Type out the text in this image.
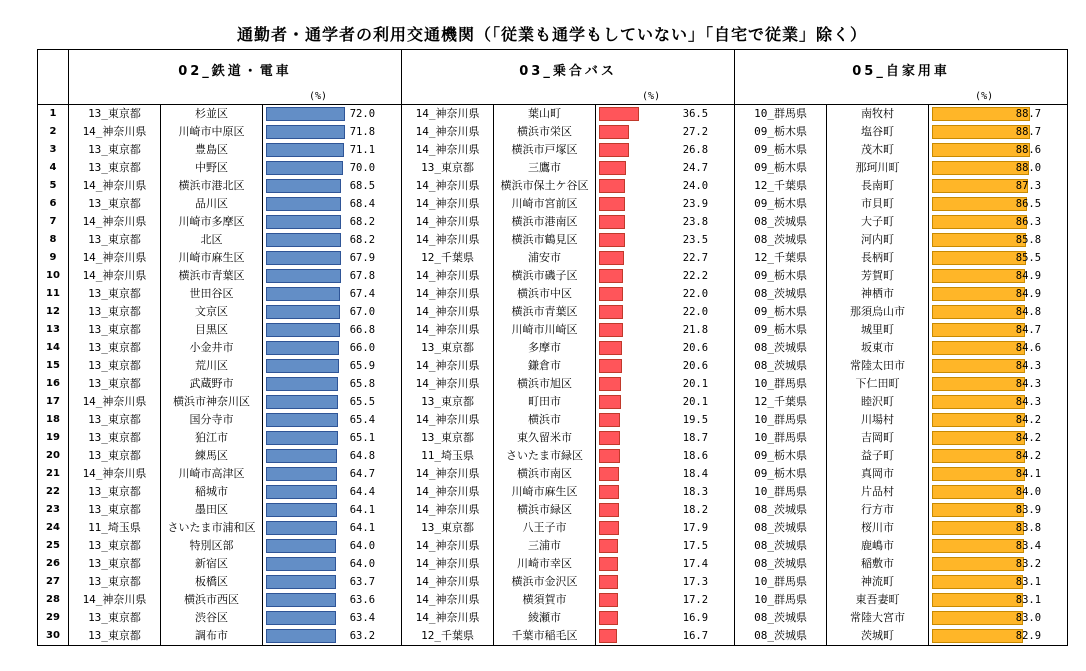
通勤者・通学者の利用交通機関（「従業も通学もしていない」「自宅で従業」除く）
	02_鉄道・電車			03_乗合バス			05_自家用車		
	(%)			(%)			(%)		
1	13_東京都	杉並区	72.0	14_神奈川県	葉山町	36.5	10_群馬県	南牧村	88.7

2	14_神奈川県	川崎市中原区	71.8	14_神奈川県	横浜市栄区	27.2	09_栃木県	塩谷町	88.7

3	13_東京都	豊島区	71.1	14_神奈川県	横浜市戸塚区	26.8	09_栃木県	茂木町	88.6

4	13_東京都	中野区	70.0	13_東京都	三鷹市	24.7	09_栃木県	那珂川町	88.0

5	14_神奈川県	横浜市港北区	68.5	14_神奈川県	横浜市保土ケ谷区	24.0	12_千葉県	長南町	87.3

6	13_東京都	品川区	68.4	14_神奈川県	川崎市宮前区	23.9	09_栃木県	市貝町	86.5

7	14_神奈川県	川崎市多摩区	68.2	14_神奈川県	横浜市港南区	23.8	08_茨城県	大子町	86.3

8	13_東京都	北区	68.2	14_神奈川県	横浜市鶴見区	23.5	08_茨城県	河内町	85.8

9	14_神奈川県	川崎市麻生区	67.9	12_千葉県	浦安市	22.7	12_千葉県	長柄町	85.5

10	14_神奈川県	横浜市青葉区	67.8	14_神奈川県	横浜市磯子区	22.2	09_栃木県	芳賀町	84.9

11	13_東京都	世田谷区	67.4	14_神奈川県	横浜市中区	22.0	08_茨城県	神栖市	84.9

12	13_東京都	文京区	67.0	14_神奈川県	横浜市青葉区	22.0	09_栃木県	那須烏山市	84.8

13	13_東京都	目黒区	66.8	14_神奈川県	川崎市川崎区	21.8	09_栃木県	城里町	84.7

14	13_東京都	小金井市	66.0	13_東京都	多摩市	20.6	08_茨城県	坂東市	84.6

15	13_東京都	荒川区	65.9	14_神奈川県	鎌倉市	20.6	08_茨城県	常陸太田市	84.3

16	13_東京都	武蔵野市	65.8	14_神奈川県	横浜市旭区	20.1	10_群馬県	下仁田町	84.3

17	14_神奈川県	横浜市神奈川区	65.5	13_東京都	町田市	20.1	12_千葉県	睦沢町	84.3

18	13_東京都	国分寺市	65.4	14_神奈川県	横浜市	19.5	10_群馬県	川場村	84.2

19	13_東京都	狛江市	65.1	13_東京都	東久留米市	18.7	10_群馬県	吉岡町	84.2

20	13_東京都	練馬区	64.8	11_埼玉県	さいたま市緑区	18.6	09_栃木県	益子町	84.2

21	14_神奈川県	川崎市高津区	64.7	14_神奈川県	横浜市南区	18.4	09_栃木県	真岡市	84.1

22	13_東京都	稲城市	64.4	14_神奈川県	川崎市麻生区	18.3	10_群馬県	片品村	84.0

23	13_東京都	墨田区	64.1	14_神奈川県	横浜市緑区	18.2	08_茨城県	行方市	83.9

24	11_埼玉県	さいたま市浦和区	64.1	13_東京都	八王子市	17.9	08_茨城県	桜川市	83.8

25	13_東京都	特別区部	64.0	14_神奈川県	三浦市	17.5	08_茨城県	鹿嶋市	83.4

26	13_東京都	新宿区	64.0	14_神奈川県	川崎市幸区	17.4	08_茨城県	稲敷市	83.2

27	13_東京都	板橋区	63.7	14_神奈川県	横浜市金沢区	17.3	10_群馬県	神流町	83.1

28	14_神奈川県	横浜市西区	63.6	14_神奈川県	横須賀市	17.2	10_群馬県	東吾妻町	83.1

29	13_東京都	渋谷区	63.4	14_神奈川県	綾瀬市	16.9	08_茨城県	常陸大宮市	83.0

30	13_東京都	調布市	63.2	12_千葉県	千葉市稲毛区	16.7	08_茨城県	茨城町	82.9
